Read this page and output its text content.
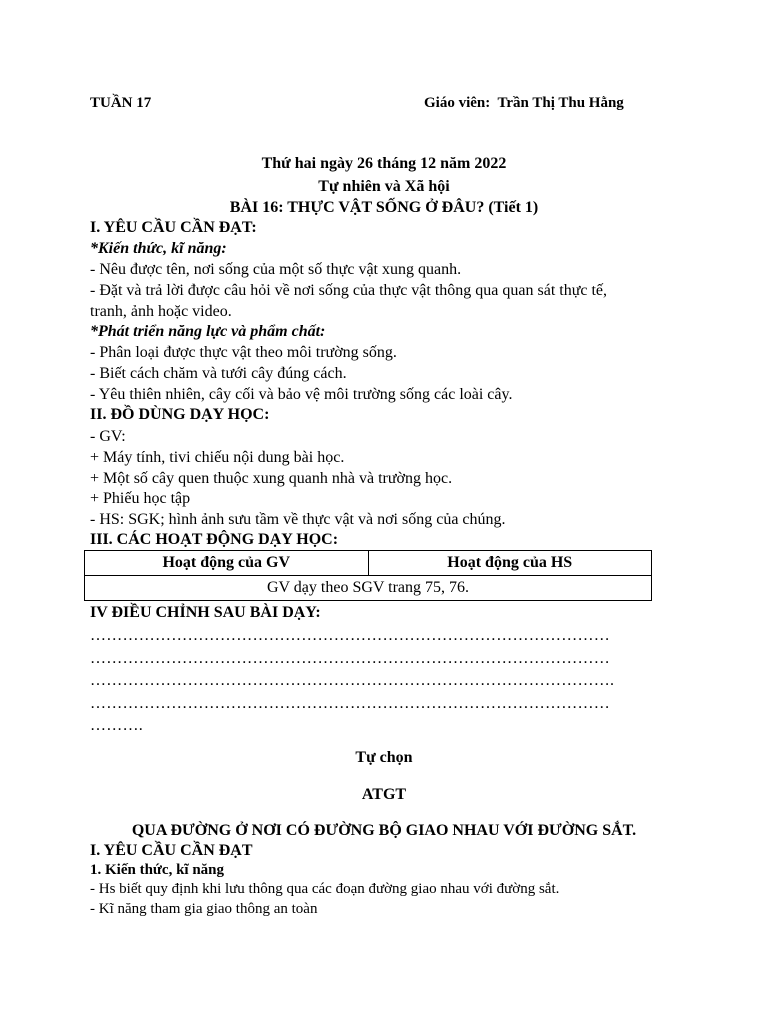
TUẦN 17	Giáo viên: Trần Thị Thu Hằng
Thứ hai ngày 26 tháng 12 năm 2022
Tự nhiên và Xã hội
BÀI 16: THỰC VẬT SỐNG Ở ĐÂU? (Tiết 1)
I. YÊU CẦU CẦN ĐẠT:
*Kiến thức, kĩ năng:
- Nêu được tên, nơi sống của một số thực vật xung quanh.
- Đặt và trả lời được câu hỏi về nơi sống của thực vật thông qua quan sát thực tế,
tranh, ảnh hoặc video.
*Phát triển năng lực và phẩm chất:
- Phân loại được thực vật theo môi trường sống.
- Biết cách chăm và tưới cây đúng cách.
- Yêu thiên nhiên, cây cối và bảo vệ môi trường sống các loài cây.
II. ĐỒ DÙNG DẠY HỌC:
- GV:
+ Máy tính, tivi chiếu nội dung bài học.
+ Một số cây quen thuộc xung quanh nhà và trường học.
+ Phiếu học tập
- HS: SGK; hình ảnh sưu tầm về thực vật và nơi sống của chúng.
III. CÁC HOẠT ĐỘNG DẠY HỌC:
Hoạt động của GV	Hoạt động của HS
GV dạy theo SGV trang 75, 76.
IV ĐIỀU CHỈNH SAU BÀI DẠY:
……………………………………………………………………………………
……………………………………………………………………………………
…………………………………………………………………………………….
……………………………………………………………………………………
……….
Tự chọn
ATGT
QUA ĐƯỜNG Ở NƠI CÓ ĐƯỜNG BỘ GIAO NHAU VỚI ĐƯỜNG SẮT.
I. YÊU CẦU CẦN ĐẠT
1. Kiến thức, kĩ năng
- Hs biết quy định khi lưu thông qua các đoạn đường giao nhau với đường sắt.
- Kĩ năng tham gia giao thông an toàn
